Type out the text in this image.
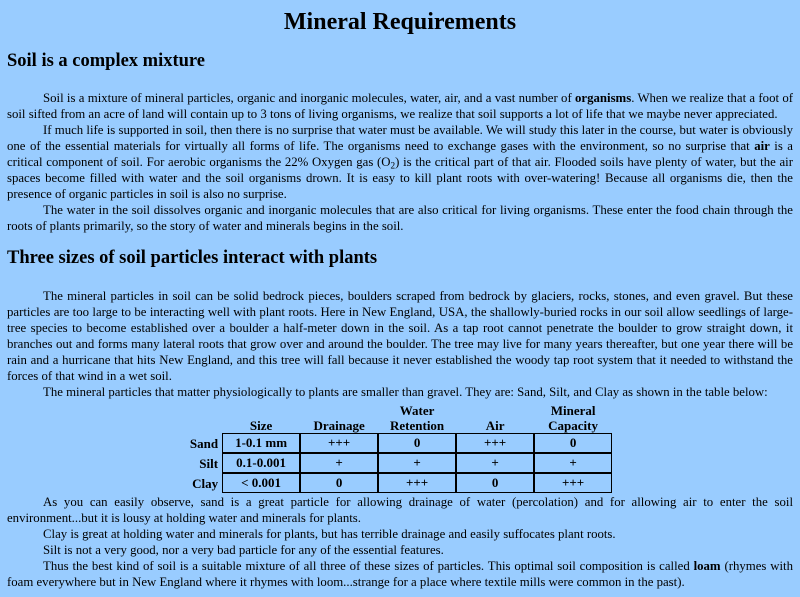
Mineral Requirements
Soil is a complex mixture

Soil is a mixture of mineral particles, organic and inorganic molecules, water, air, and a vast number of organisms. When we realize that a foot of soil sifted from an acre of land will contain up to 3 tons of living organisms, we realize that soil supports a lot of life that we maybe never appreciated.

If much life is supported in soil, then there is no surprise that water must be available. We will study this later in the course, but water is obviously one of the essential materials for virtually all forms of life. The organisms need to exchange gases with the environment, so no surprise that air is a critical component of soil. For aerobic organisms the 22% Oxygen gas $(O_2)$ is the critical part of that air. Flooded soils have plenty of water, but the air spaces become filled with water and the soil organisms drown. It is easy to kill plant roots with over-watering! Because all organisms die, then the presence of organic particles in soil is also no surprise.

The water in the soil dissolves organic and inorganic molecules that are also critical for living organisms. These enter the food chain through the roots of plants primarily, so the story of water and minerals begins in the soil.

Three sizes of soil particles interact with plants

The mineral particles in soil can be solid bedrock pieces, boulders scraped from bedrock by glaciers, rocks, stones, and even gravel. But these particles are too large to be interacting well with plant roots. Here in New England, USA, the shallowly-buried rocks in our soil allow seedlings of large-tree species to become established over a boulder a half-meter down in the soil. As a tap root cannot penetrate the boulder to grow straight down, it branches out and forms many lateral roots that grow over and around the boulder. The tree may live for many years thereafter, but one year there will be rain and a hurricane that hits New England, and this tree will fall because it never established the woody tap root system that it needed to withstand the forces of that wind in a wet soil.

The mineral particles that matter physiologically to plants are smaller than gravel. They are: Sand, Silt, and Clay as shown in the table below:

			Water		Mineral
	Size	Drainage	Retention	Air	Capacity
Sand	1-0.1 mm	+++	0	+++	0
Silt	0.1-0.001	+	+	+	+
Clay	< 0.001	0	+++	0	+++

As you can easily observe, sand is a great particle for allowing drainage of water (percolation) and for allowing air to enter the soil environment...but it is lousy at holding water and minerals for plants.

Clay is great at holding water and minerals for plants, but has terrible drainage and easily suffocates plant roots.

Silt is not a very good, nor a very bad particle for any of the essential features.

Thus the best kind of soil is a suitable mixture of all three of these sizes of particles. This optimal soil composition is called loam (rhymes with foam everywhere but in New England where it rhymes with loom...strange for a place where textile mills were common in the past).
